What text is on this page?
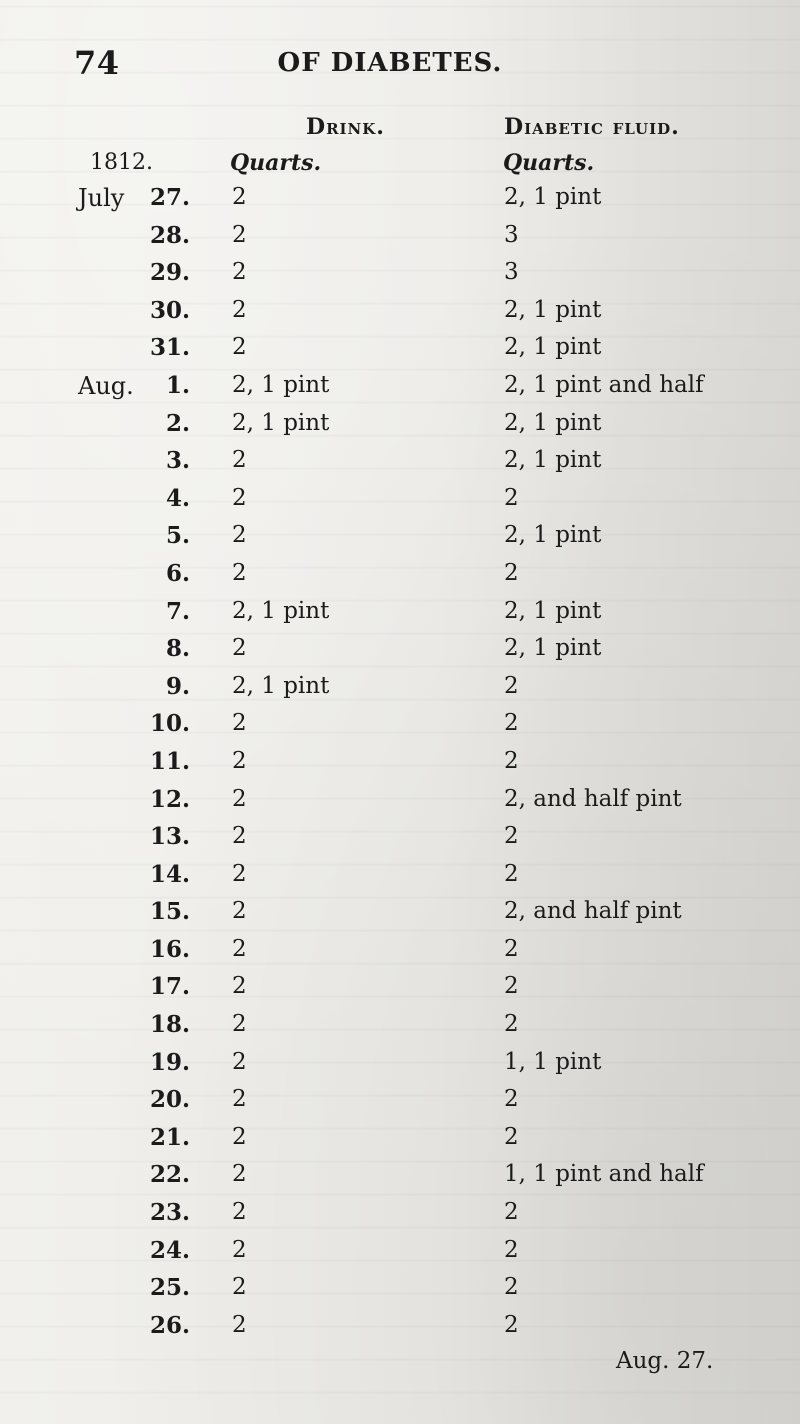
74	OF DIABETES.
Drink.	Diabetic fluid.
1812.	Quarts.	Quarts.
July 27. 2	2, 1 pint
28. 2	3
29. 2	3
30. 2	2, 1 pint
31. 2	2, 1 pint
Aug. 1. 2, 1 pint	2, 1 pint and half
2. 2, 1 pint	2, 1 pint
3. 2	2, 1 pint
4. 2	2
5. 2	2, 1 pint
6. 2	2
7. 2, 1 pint	2, 1 pint
8. 2	2, 1 pint
9. 2, 1 pint	2
10. 2	2
11. 2	2
12. 2	2, and half pint
13. 2	2
14. 2	2
15. 2	2, and half pint
16. 2	2
17. 2	2
18. 2	2
19. 2	1, 1 pint
20. 2	2
21. 2	2
22. 2	1, 1 pint and half
23. 2	2
24. 2	2
25. 2	2
26. 2	2
Aug. 27.
